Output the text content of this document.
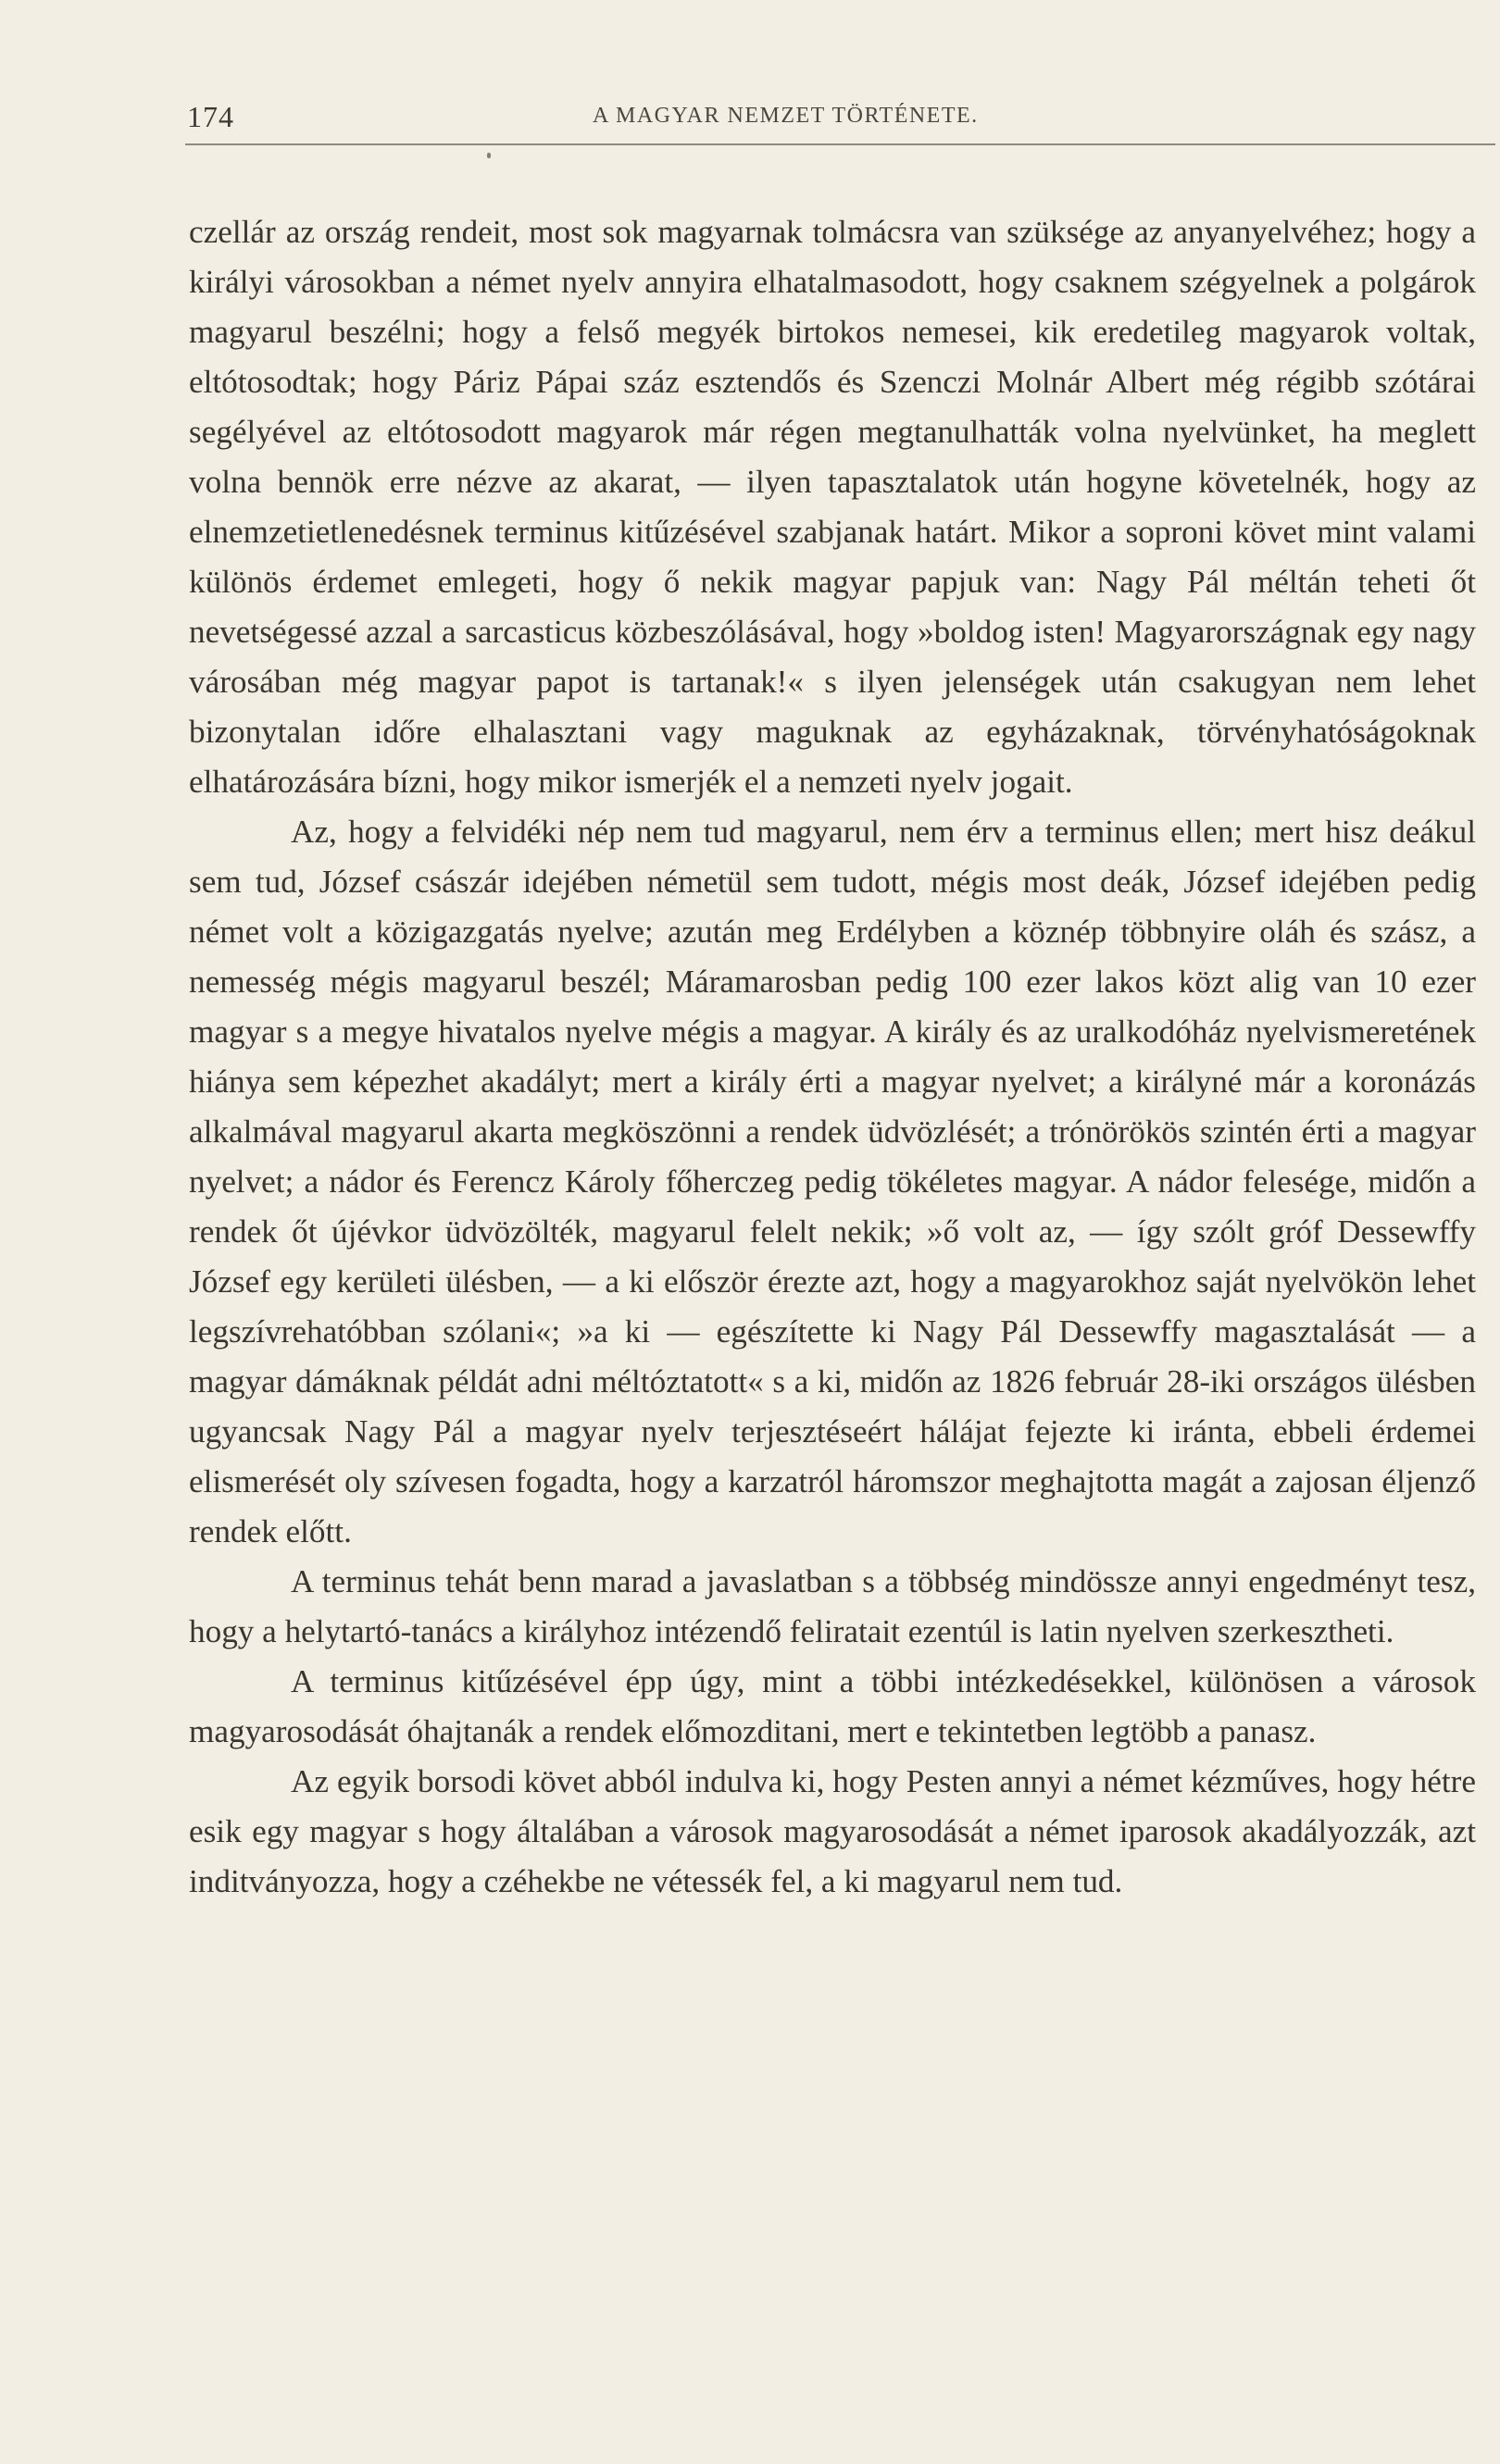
174	A MAGYAR NEMZET TÖRTÉNETE.

czellár az ország rendeit, most sok magyarnak tolmácsra van szüksége az anyanyelvéhez; hogy a királyi városokban a német nyelv annyira elhatalmasodott, hogy csaknem szégyelnek a polgárok magyarul beszélni; hogy a felső megyék birtokos nemesei, kik eredetileg magyarok voltak, eltótosodtak; hogy Páriz Pápai száz esztendős és Szenczi Molnár Albert még régibb szótárai segélyével az eltótosodott magyarok már régen megtanulhatták volna nyelvünket, ha meglett volna bennök erre nézve az akarat, — ilyen tapasztalatok után hogyne követelnék, hogy az elnemzetietlenedésnek terminus kitűzésével szabjanak határt. Mikor a soproni követ mint valami különös érdemet emlegeti, hogy ő nekik magyar papjuk van: Nagy Pál méltán teheti őt nevetségessé azzal a sarcasticus közbeszólásával, hogy »boldog isten! Magyarországnak egy nagy városában még magyar papot is tartanak!« s ilyen jelenségek után csakugyan nem lehet bizonytalan időre elhalasztani vagy maguknak az egyházaknak, törvényhatóságoknak elhatározására bízni, hogy mikor ismerjék el a nemzeti nyelv jogait.

Az, hogy a felvidéki nép nem tud magyarul, nem érv a terminus ellen; mert hisz deákul sem tud, József császár idejében németül sem tudott, mégis most deák, József idejében pedig német volt a közigazgatás nyelve; azután meg Erdélyben a köznép többnyire oláh és szász, a nemesség mégis magyarul beszél; Máramarosban pedig 100 ezer lakos közt alig van 10 ezer magyar s a megye hivatalos nyelve mégis a magyar. A király és az uralkodóház nyelvismeretének hiánya sem képezhet akadályt; mert a király érti a magyar nyelvet; a királyné már a koronázás alkalmával magyarul akarta megköszönni a rendek üdvözlését; a trónörökös szintén érti a magyar nyelvet; a nádor és Ferencz Károly főherczeg pedig tökéletes magyar. A nádor felesége, midőn a rendek őt újévkor üdvözölték, magyarul felelt nekik; »ő volt az, — így szólt gróf Dessewffy József egy kerületi ülésben, — a ki először érezte azt, hogy a magyarokhoz saját nyelvökön lehet legszívrehatóbban szólani«; »a ki — egészítette ki Nagy Pál Dessewffy magasztalását — a magyar dámáknak példát adni méltóztatott« s a ki, midőn az 1826 február 28-iki országos ülésben ugyancsak Nagy Pál a magyar nyelv terjesztéseért hálájat fejezte ki iránta, ebbeli érdemei elismerését oly szívesen fogadta, hogy a karzatról háromszor meghajtotta magát a zajosan éljenző rendek előtt.

A terminus tehát benn marad a javaslatban s a többség mindössze annyi engedményt tesz, hogy a helytartó-tanács a királyhoz intézendő feliratait ezentúl is latin nyelven szerkesztheti.

A terminus kitűzésével épp úgy, mint a többi intézkedésekkel, különösen a városok magyarosodását óhajtanák a rendek előmozditani, mert e tekintetben legtöbb a panasz.

Az egyik borsodi követ abból indulva ki, hogy Pesten annyi a német kézműves, hogy hétre esik egy magyar s hogy általában a városok magyarosodását a német iparosok akadályozzák, azt inditványozza, hogy a czéhekbe ne vétessék fel, a ki magyarul nem tud.
